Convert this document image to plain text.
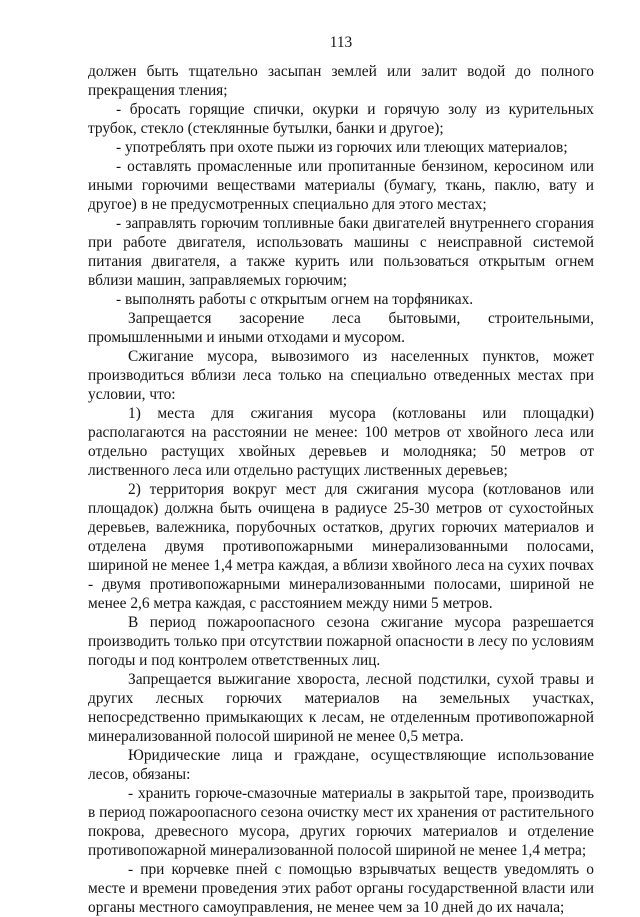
113

должен быть тщательно засыпан землей или залит водой до полного прекращения тления;

- бросать горящие спички, окурки и горячую золу из курительных трубок, стекло (стеклянные бутылки, банки и другое);

- употреблять при охоте пыжи из горючих или тлеющих материалов;

- оставлять промасленные или пропитанные бензином, керосином или иными горючими веществами материалы (бумагу, ткань, паклю, вату и другое) в не предусмотренных специально для этого местах;

- заправлять горючим топливные баки двигателей внутреннего сгорания при работе двигателя, использовать машины с неисправной системой питания двигателя, а также курить или пользоваться открытым огнем вблизи машин, заправляемых горючим;

- выполнять работы с открытым огнем на торфяниках.

Запрещается засорение леса бытовыми, строительными, промышленными и иными отходами и мусором.

Сжигание мусора, вывозимого из населенных пунктов, может производиться вблизи леса только на специально отведенных местах при условии, что:

1) места для сжигания мусора (котлованы или площадки) располагаются на расстоянии не менее: 100 метров от хвойного леса или отдельно растущих хвойных деревьев и молодняка; 50 метров от лиственного леса или отдельно растущих лиственных деревьев;

2) территория вокруг мест для сжигания мусора (котлованов или площадок) должна быть очищена в радиусе 25-30 метров от сухостойных деревьев, валежника, порубочных остатков, других горючих материалов и отделена двумя противопожарными минерализованными полосами, шириной не менее 1,4 метра каждая, а вблизи хвойного леса на сухих почвах - двумя противопожарными минерализованными полосами, шириной не менее 2,6 метра каждая, с расстоянием между ними 5 метров.

В период пожароопасного сезона сжигание мусора разрешается производить только при отсутствии пожарной опасности в лесу по условиям погоды и под контролем ответственных лиц.

Запрещается выжигание хвороста, лесной подстилки, сухой травы и других лесных горючих материалов на земельных участках, непосредственно примыкающих к лесам, не отделенным противопожарной минерализованной полосой шириной не менее 0,5 метра.

Юридические лица и граждане, осуществляющие использование лесов, обязаны:

- хранить горюче-смазочные материалы в закрытой таре, производить в период пожароопасного сезона очистку мест их хранения от растительного покрова, древесного мусора, других горючих материалов и отделение противопожарной минерализованной полосой шириной не менее 1,4 метра;

- при корчевке пней с помощью взрывчатых веществ уведомлять о месте и времени проведения этих работ органы государственной власти или органы местного самоуправления, не менее чем за 10 дней до их начала;
